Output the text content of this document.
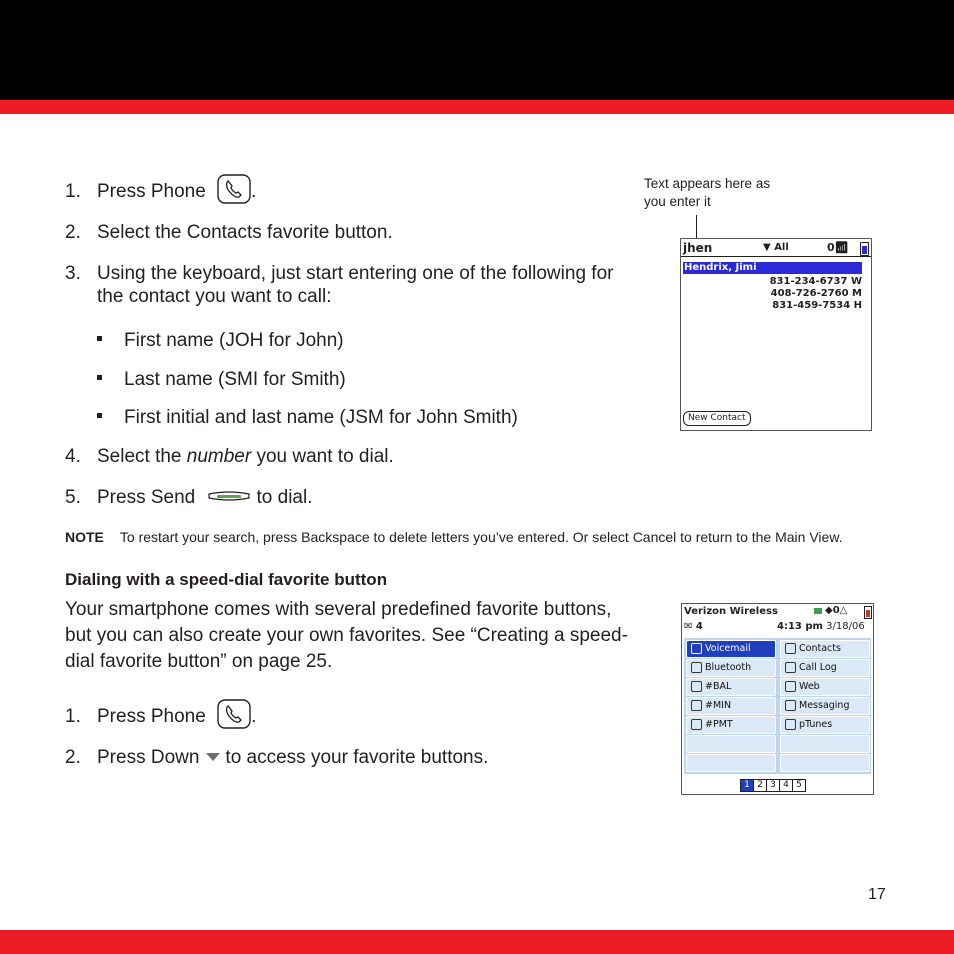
1. Press Phone .
2. Select the Contacts favorite button.
3. Using the keyboard, just start entering one of the following for the contact you want to call:
First name (JOH for John)
Last name (SMI for Smith)
First initial and last name (JSM for John Smith)
4. Select the number you want to dial.
5. Press Send	to dial.
NOTE To restart your search, press Backspace to delete letters you’ve entered. Or select Cancel to return to the Main View.
Dialing with a speed-dial favorite button
Your smartphone comes with several predefined favorite buttons, but you can also create your own favorites. See “Creating a speed-dial favorite button” on page 25.
1. Press Phone .
2. Press Down to access your favorite buttons.
Text appears here as
you enter it
jhen	▼ All	0📶︎
Hendrix, Jimi
831-234-6737 W
408-726-2760 M
831-459-7534 H
New Contact
Verizon Wireless	◆0△
✉ 4	4:13 pm 3/18/06
Voicemail	Contacts
Bluetooth	Call Log
#BAL	Web
#MIN	Messaging
#PMT	pTunes
1 2 3 4 5
17
